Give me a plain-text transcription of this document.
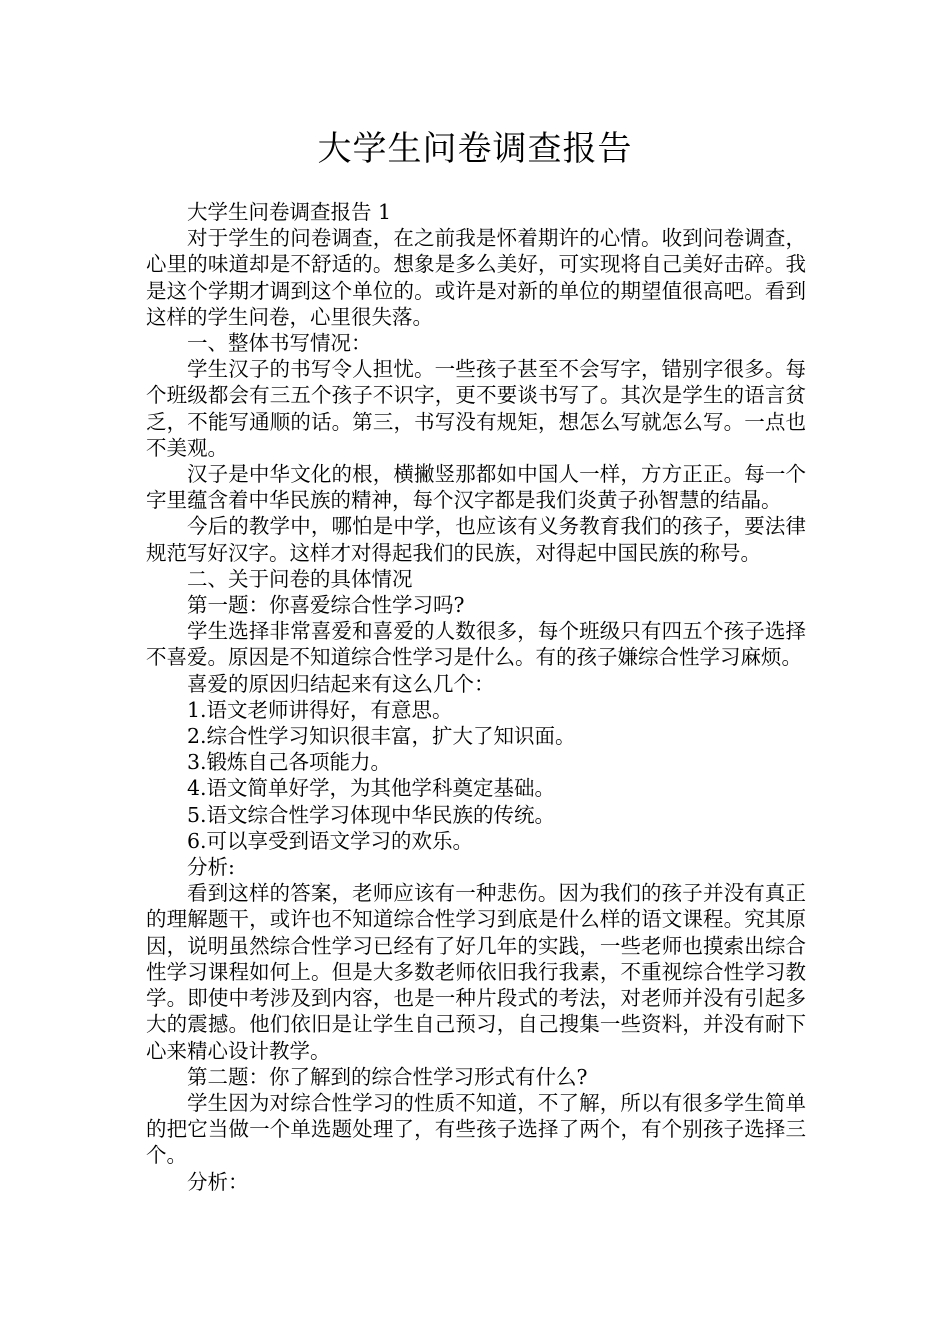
大学生问卷调查报告

大学生问卷调查报告 1

对于学生的问卷调查，在之前我是怀着期许的心情。收到问卷调查，心里的味道却是不舒适的。想象是多么美好，可实现将自己美好击碎。我是这个学期才调到这个单位的。或许是对新的单位的期望值很高吧。看到这样的学生问卷，心里很失落。

一、整体书写情况：

学生汉子的书写令人担忧。一些孩子甚至不会写字，错别字很多。每个班级都会有三五个孩子不识字，更不要谈书写了。其次是学生的语言贫乏，不能写通顺的话。第三，书写没有规矩，想怎么写就怎么写。一点也不美观。

汉子是中华文化的根，横撇竖那都如中国人一样，方方正正。每一个字里蕴含着中华民族的精神，每个汉字都是我们炎黄子孙智慧的结晶。

今后的教学中，哪怕是中学，也应该有义务教育我们的孩子，要法律规范写好汉字。这样才对得起我们的民族，对得起中国民族的称号。

二、关于问卷的具体情况

第一题：你喜爱综合性学习吗?

学生选择非常喜爱和喜爱的人数很多，每个班级只有四五个孩子选择不喜爱。原因是不知道综合性学习是什么。有的孩子嫌综合性学习麻烦。

喜爱的原因归结起来有这么几个：

1.语文老师讲得好，有意思。

2.综合性学习知识很丰富，扩大了知识面。

3.锻炼自己各项能力。

4.语文简单好学，为其他学科奠定基础。

5.语文综合性学习体现中华民族的传统。

6.可以享受到语文学习的欢乐。

分析:

看到这样的答案，老师应该有一种悲伤。因为我们的孩子并没有真正的理解题干，或许也不知道综合性学习到底是什么样的语文课程。究其原因，说明虽然综合性学习已经有了好几年的实践，一些老师也摸索出综合性学习课程如何上。但是大多数老师依旧我行我素，不重视综合性学习教学。即使中考涉及到内容，也是一种片段式的考法，对老师并没有引起多大的震撼。他们依旧是让学生自己预习，自己搜集一些资料，并没有耐下心来精心设计教学。

第二题：你了解到的综合性学习形式有什么?

学生因为对综合性学习的性质不知道，不了解，所以有很多学生简单的把它当做一个单选题处理了，有些孩子选择了两个，有个别孩子选择三个。

分析：
